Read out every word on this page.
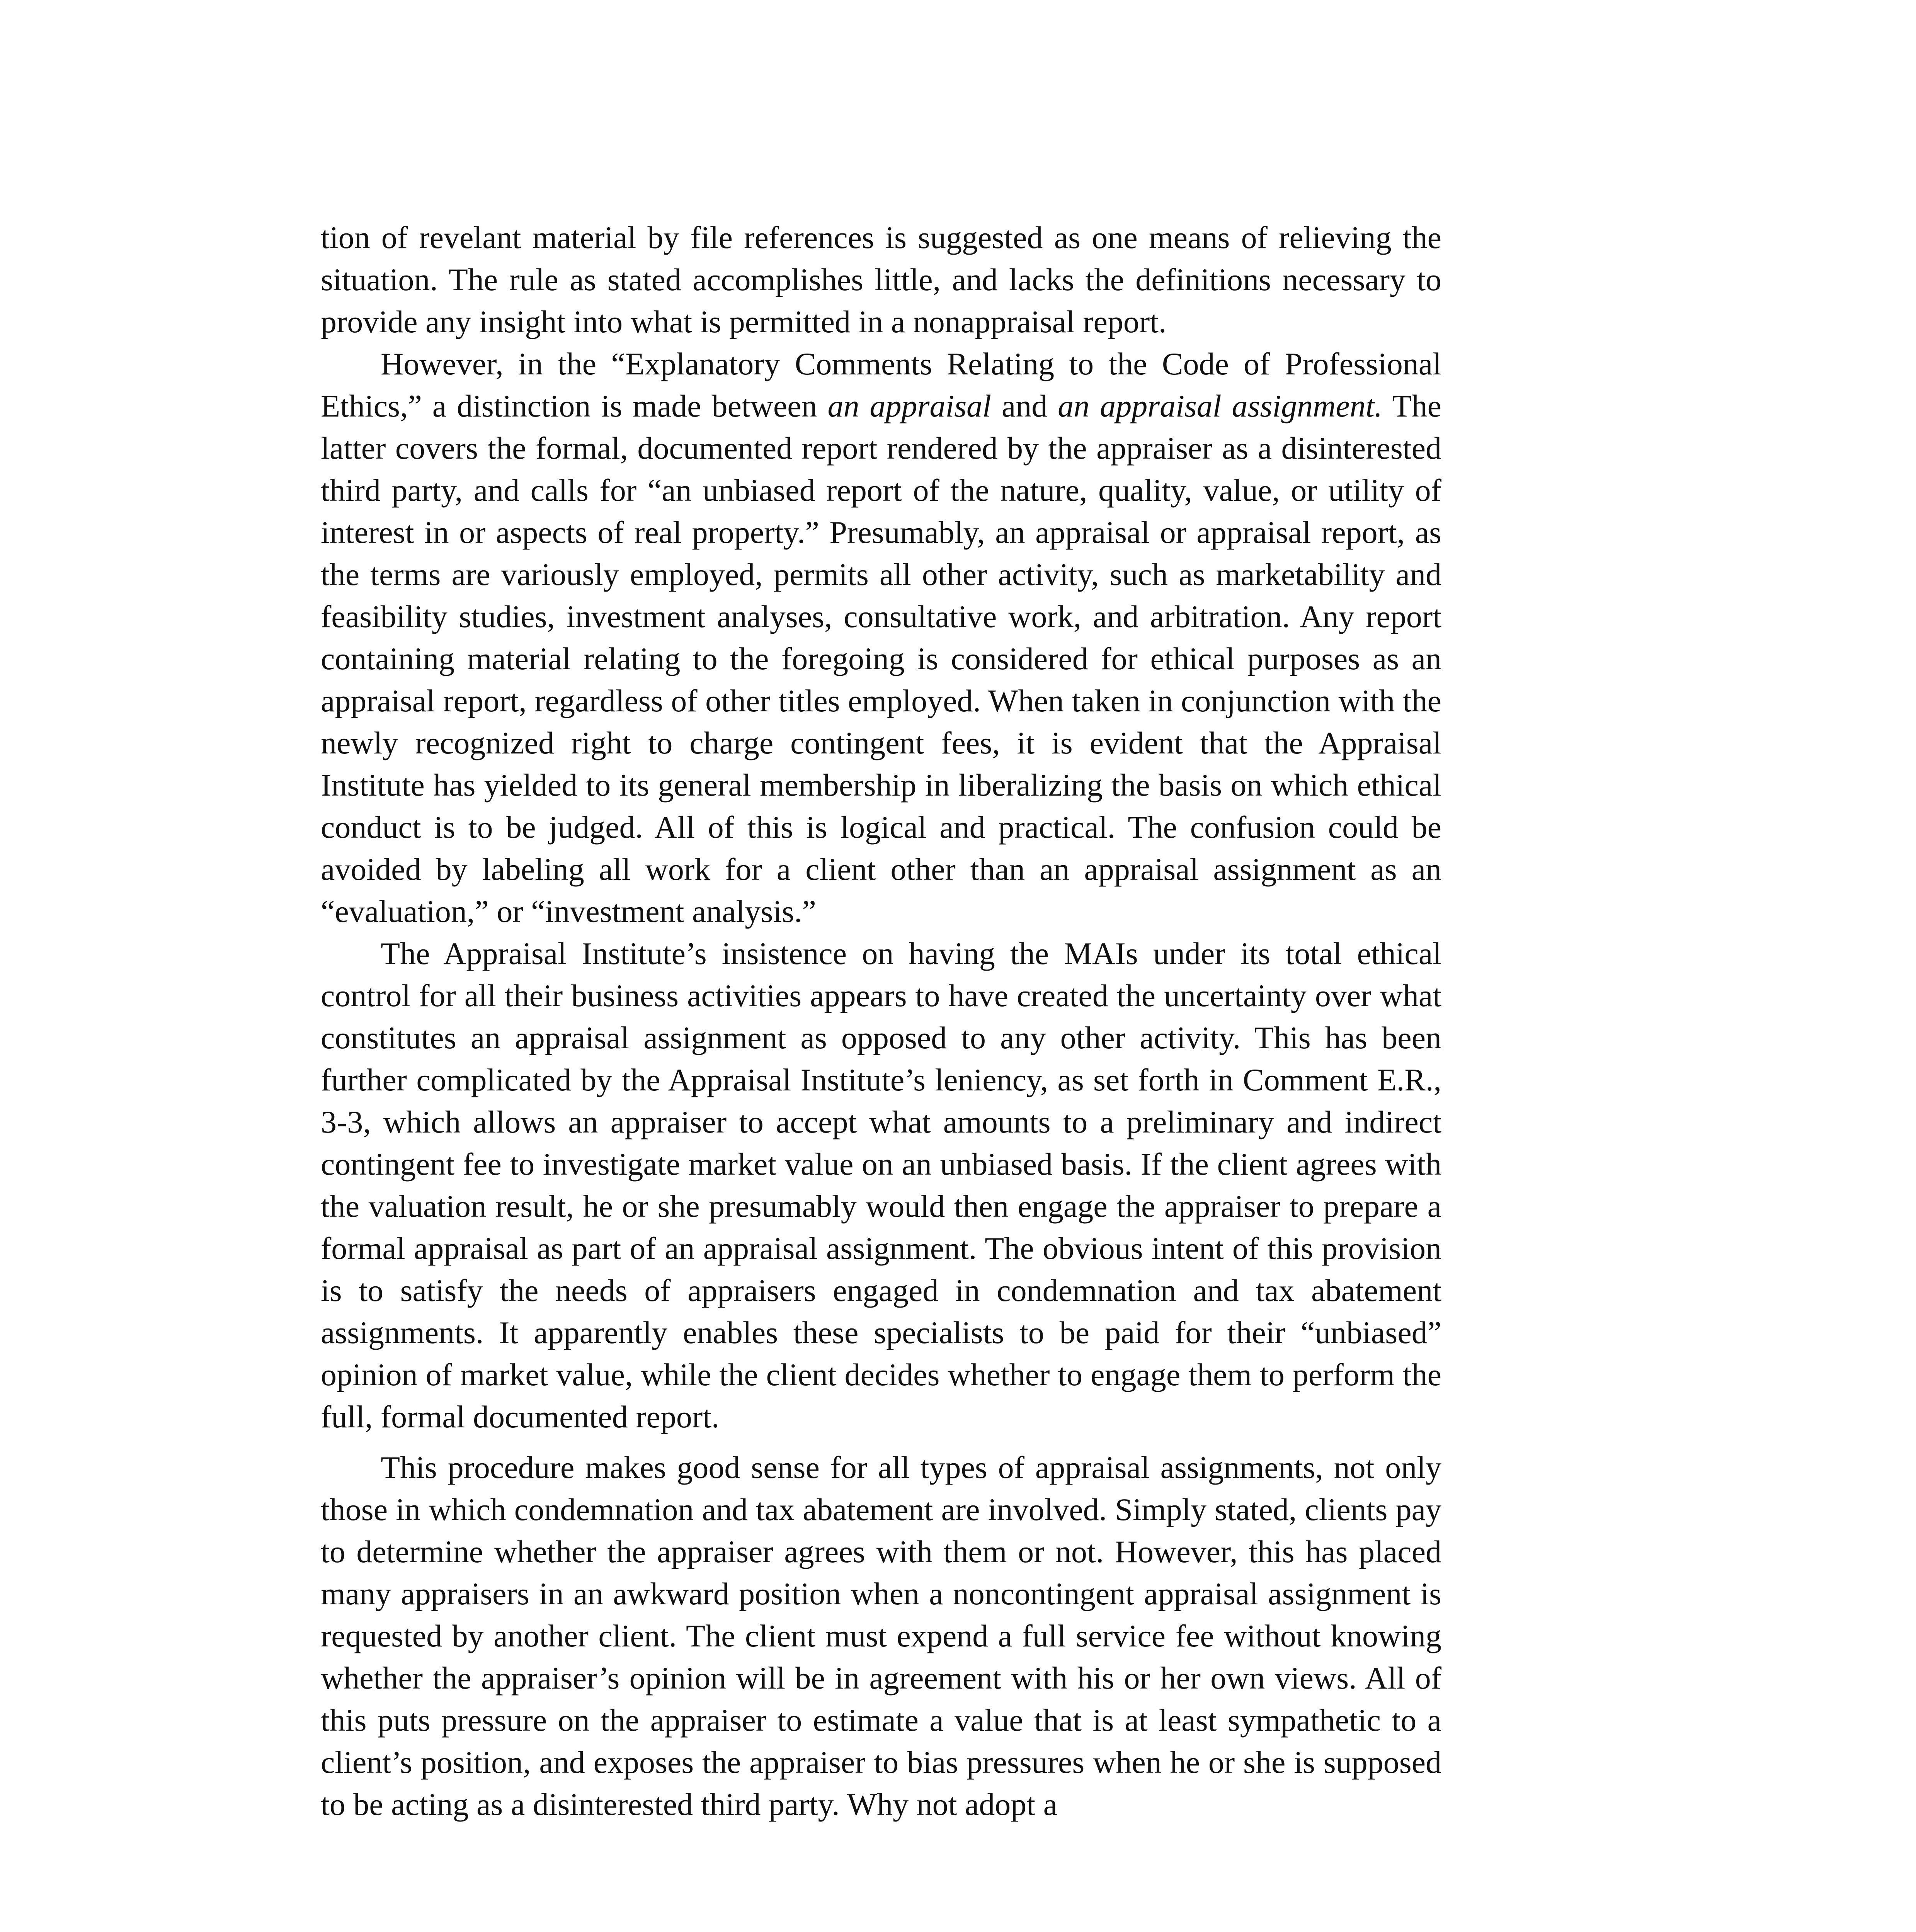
tion of revelant material by file references is suggested as one means of relieving the situation. The rule as stated accomplishes little, and lacks the definitions necessary to provide any insight into what is permitted in a nonappraisal report.

However, in the “Explanatory Comments Relating to the Code of Professional Ethics,” a distinction is made between an appraisal and an appraisal assignment. The latter covers the formal, documented report rendered by the appraiser as a disinterested third party, and calls for “an unbiased report of the nature, quality, value, or utility of interest in or aspects of real property.” Presumably, an appraisal or appraisal report, as the terms are variously employed, permits all other activity, such as marketability and feasibility studies, investment analyses, consultative work, and arbitration. Any report containing material relating to the foregoing is considered for ethical purposes as an appraisal report, regardless of other titles employed. When taken in conjunction with the newly recognized right to charge contingent fees, it is evident that the Appraisal Institute has yielded to its general membership in liberalizing the basis on which ethical conduct is to be judged. All of this is logical and practical. The confusion could be avoided by labeling all work for a client other than an appraisal assignment as an “evaluation,” or “investment analysis.”

The Appraisal Institute’s insistence on having the MAIs under its total ethical control for all their business activities appears to have created the uncertainty over what constitutes an appraisal assignment as opposed to any other activity. This has been further complicated by the Appraisal Institute’s leniency, as set forth in Comment E.R., 3-3, which allows an appraiser to accept what amounts to a preliminary and indirect contingent fee to investigate market value on an unbiased basis. If the client agrees with the valuation result, he or she presumably would then engage the appraiser to prepare a formal appraisal as part of an appraisal assignment. The obvious intent of this provision is to satisfy the needs of appraisers engaged in condemnation and tax abatement assignments. It apparently enables these specialists to be paid for their “unbiased” opinion of market value, while the client decides whether to engage them to perform the full, formal documented report.

This procedure makes good sense for all types of appraisal assignments, not only those in which condemnation and tax abatement are involved. Simply stated, clients pay to determine whether the appraiser agrees with them or not. However, this has placed many appraisers in an awkward position when a noncontingent appraisal assignment is requested by another client. The client must expend a full service fee without knowing whether the appraiser’s opinion will be in agreement with his or her own views. All of this puts pressure on the appraiser to estimate a value that is at least sympathetic to a client’s position, and exposes the appraiser to bias pressures when he or she is supposed to be acting as a disinterested third party. Why not adopt a
